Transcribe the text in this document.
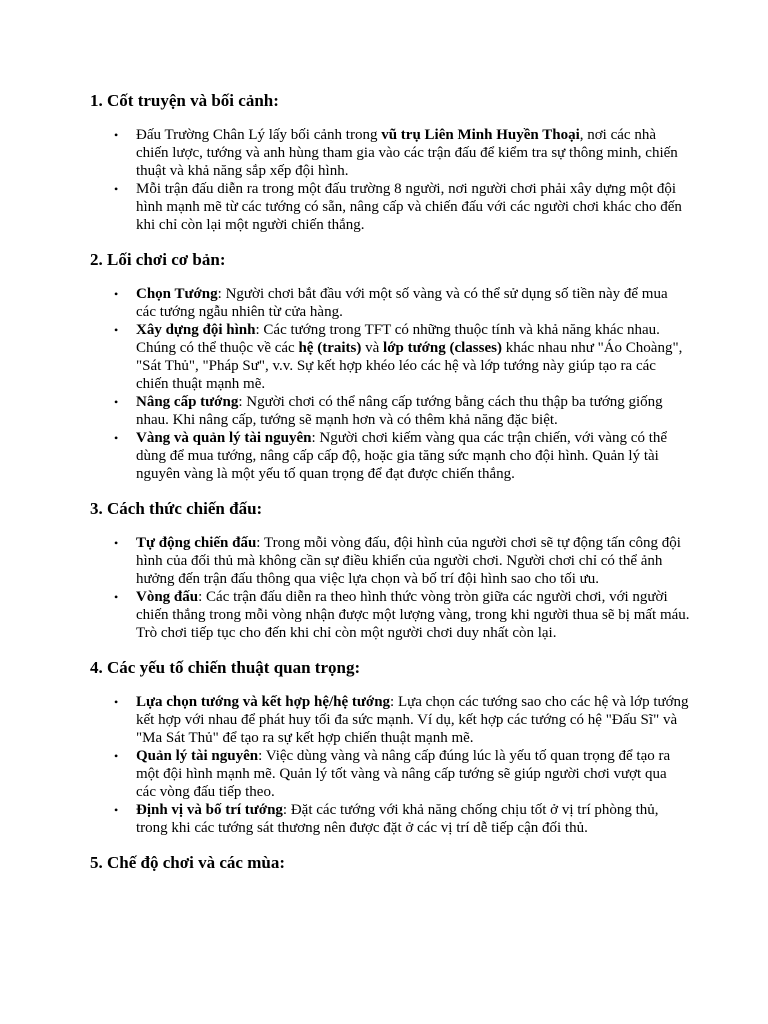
1. Cốt truyện và bối cảnh:
• Đấu Trường Chân Lý lấy bối cảnh trong vũ trụ Liên Minh Huyền Thoại, nơi các nhà chiến lược, tướng và anh hùng tham gia vào các trận đấu để kiểm tra sự thông minh, chiến thuật và khả năng sắp xếp đội hình.
• Mỗi trận đấu diễn ra trong một đấu trường 8 người, nơi người chơi phải xây dựng một đội hình mạnh mẽ từ các tướng có sẵn, nâng cấp và chiến đấu với các người chơi khác cho đến khi chỉ còn lại một người chiến thắng.
2. Lối chơi cơ bản:
• Chọn Tướng: Người chơi bắt đầu với một số vàng và có thể sử dụng số tiền này để mua các tướng ngẫu nhiên từ cửa hàng.
• Xây dựng đội hình: Các tướng trong TFT có những thuộc tính và khả năng khác nhau. Chúng có thể thuộc về các hệ (traits) và lớp tướng (classes) khác nhau như "Áo Choàng", "Sát Thủ", "Pháp Sư", v.v. Sự kết hợp khéo léo các hệ và lớp tướng này giúp tạo ra các chiến thuật mạnh mẽ.
• Nâng cấp tướng: Người chơi có thể nâng cấp tướng bằng cách thu thập ba tướng giống nhau. Khi nâng cấp, tướng sẽ mạnh hơn và có thêm khả năng đặc biệt.
• Vàng và quản lý tài nguyên: Người chơi kiếm vàng qua các trận chiến, với vàng có thể dùng để mua tướng, nâng cấp cấp độ, hoặc gia tăng sức mạnh cho đội hình. Quản lý tài nguyên vàng là một yếu tố quan trọng để đạt được chiến thắng.
3. Cách thức chiến đấu:
• Tự động chiến đấu: Trong mỗi vòng đấu, đội hình của người chơi sẽ tự động tấn công đội hình của đối thủ mà không cần sự điều khiển của người chơi. Người chơi chỉ có thể ảnh hưởng đến trận đấu thông qua việc lựa chọn và bố trí đội hình sao cho tối ưu.
• Vòng đấu: Các trận đấu diễn ra theo hình thức vòng tròn giữa các người chơi, với người chiến thắng trong mỗi vòng nhận được một lượng vàng, trong khi người thua sẽ bị mất máu. Trò chơi tiếp tục cho đến khi chỉ còn một người chơi duy nhất còn lại.
4. Các yếu tố chiến thuật quan trọng:
• Lựa chọn tướng và kết hợp hệ/hệ tướng: Lựa chọn các tướng sao cho các hệ và lớp tướng kết hợp với nhau để phát huy tối đa sức mạnh. Ví dụ, kết hợp các tướng có hệ "Đấu Sĩ" và "Ma Sát Thủ" để tạo ra sự kết hợp chiến thuật mạnh mẽ.
• Quản lý tài nguyên: Việc dùng vàng và nâng cấp đúng lúc là yếu tố quan trọng để tạo ra một đội hình mạnh mẽ. Quản lý tốt vàng và nâng cấp tướng sẽ giúp người chơi vượt qua các vòng đấu tiếp theo.
• Định vị và bố trí tướng: Đặt các tướng với khả năng chống chịu tốt ở vị trí phòng thủ, trong khi các tướng sát thương nên được đặt ở các vị trí dễ tiếp cận đối thủ.
5. Chế độ chơi và các mùa:
